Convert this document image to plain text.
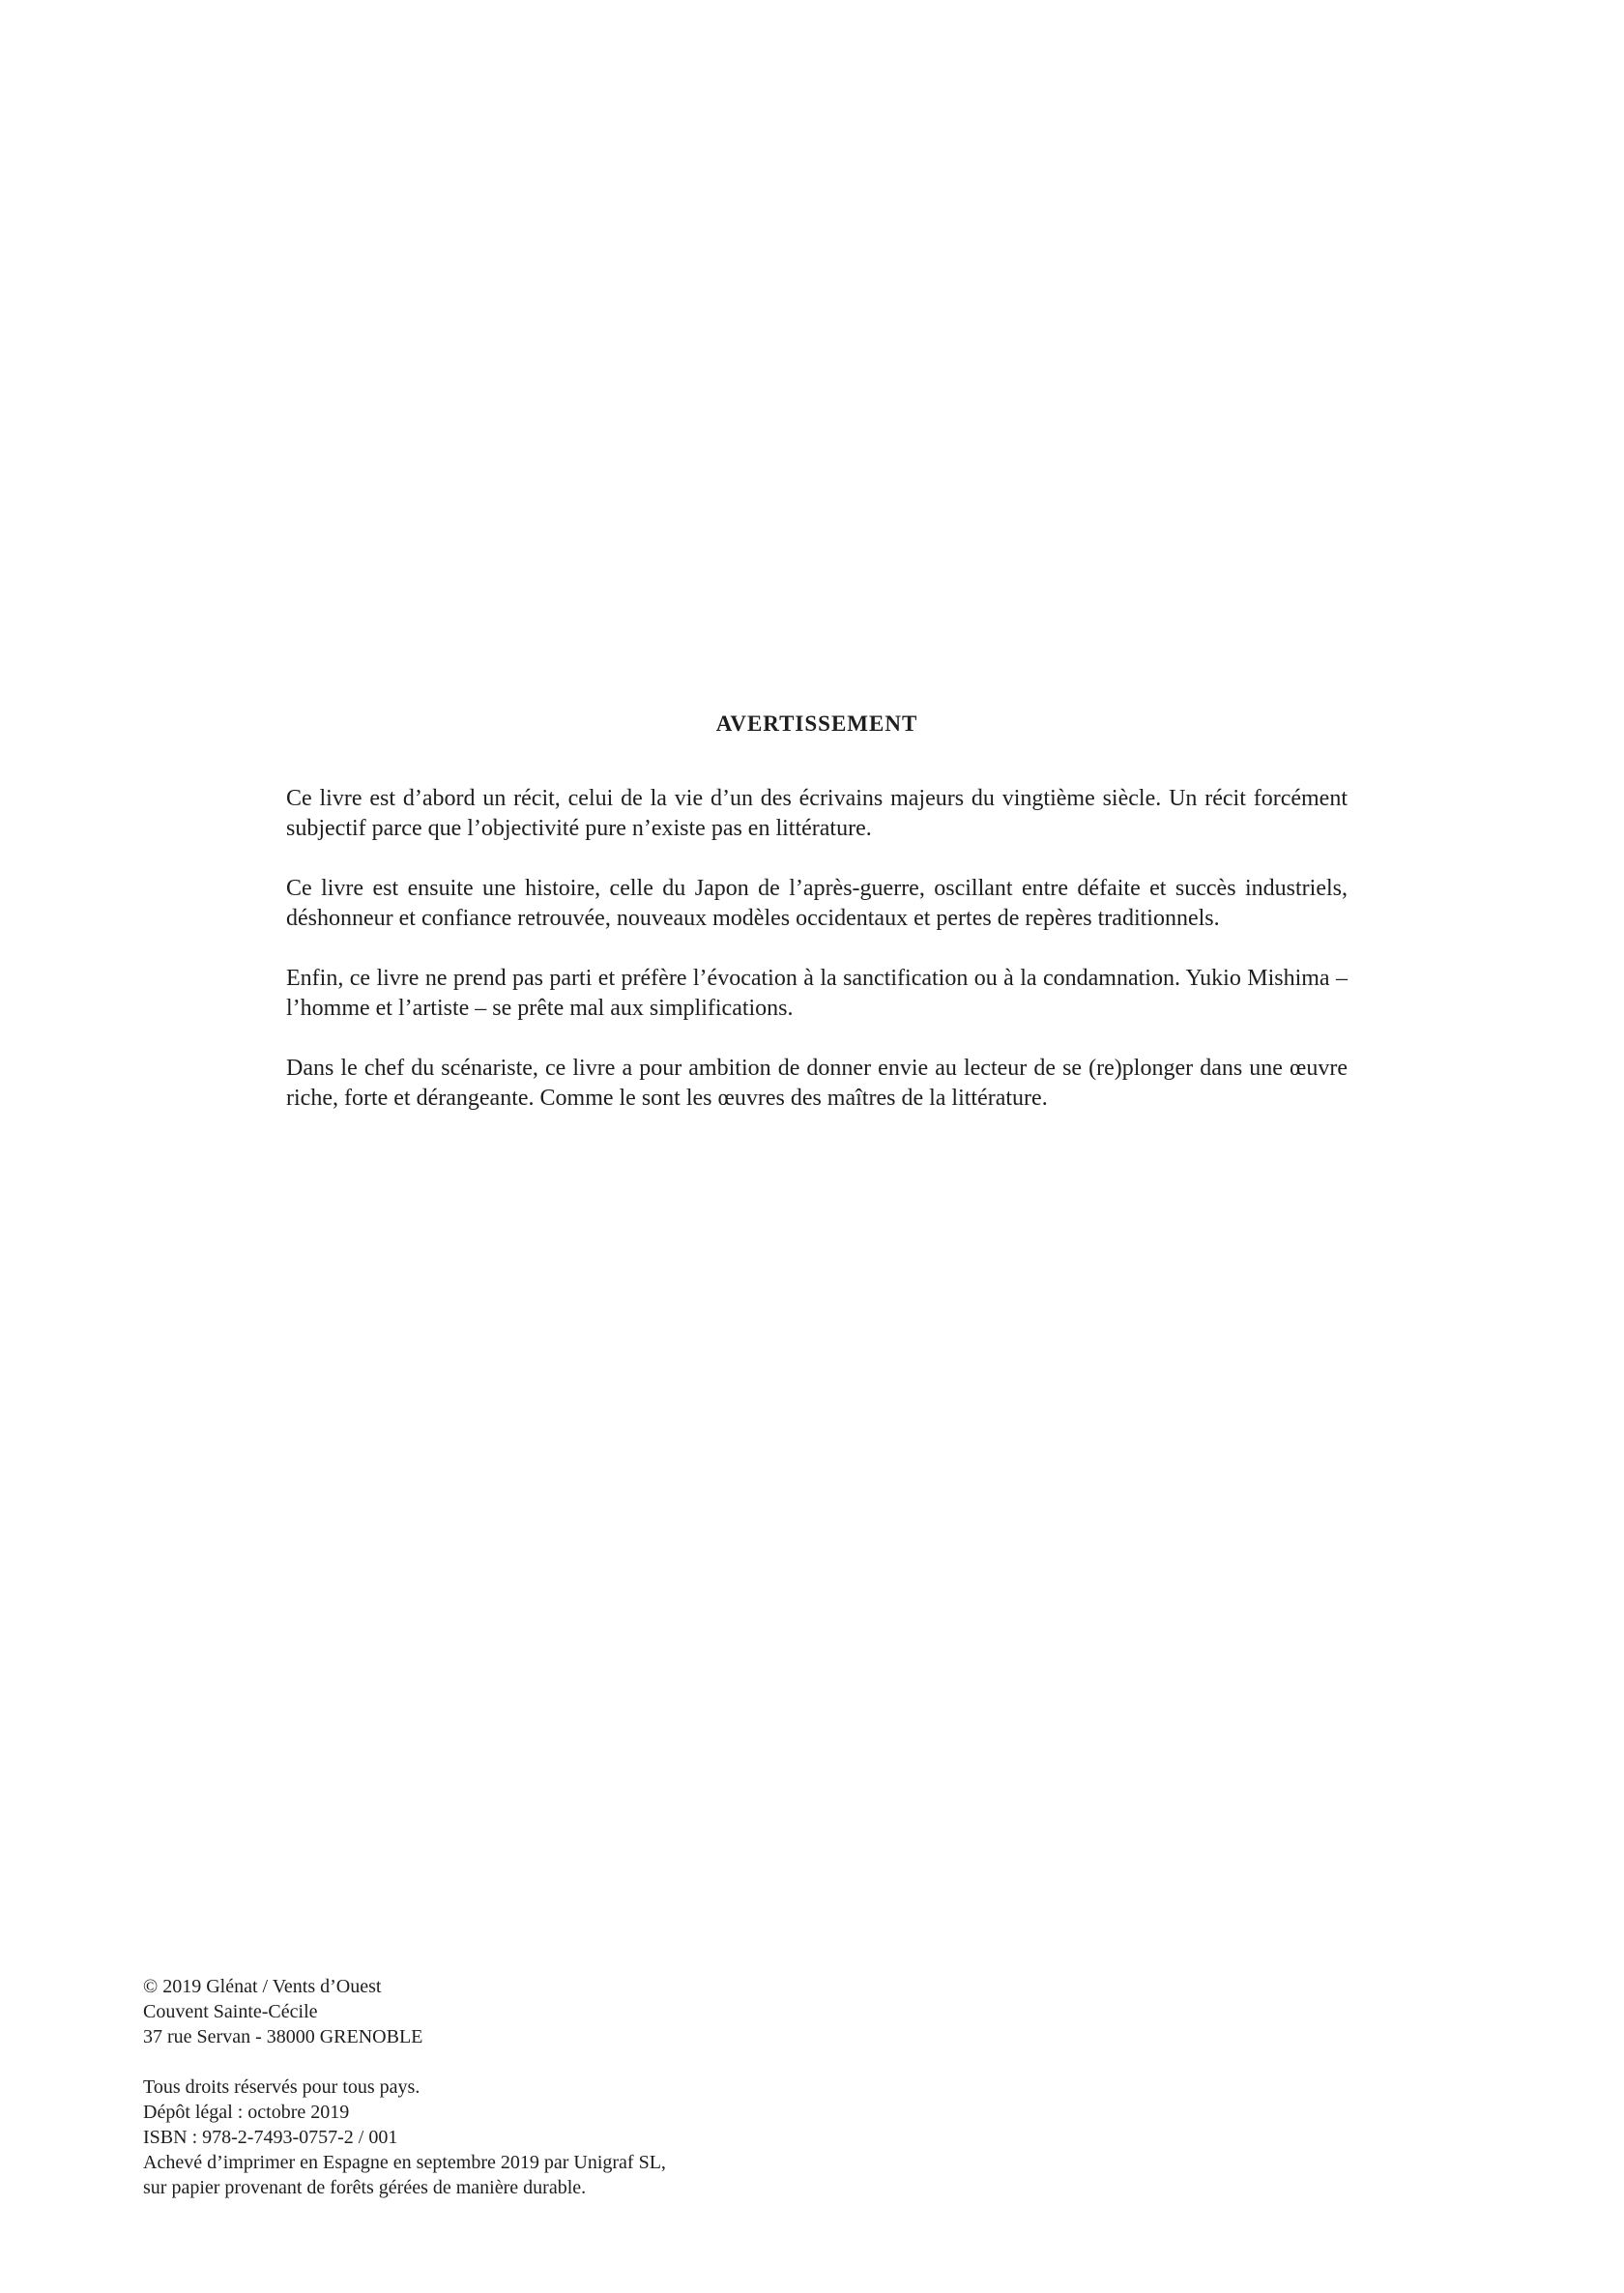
AVERTISSEMENT

Ce livre est d’abord un récit, celui de la vie d’un des écrivains majeurs du vingtième siècle. Un récit forcément subjectif parce que l’objectivité pure n’existe pas en littérature.

Ce livre est ensuite une histoire, celle du Japon de l’après-guerre, oscillant entre défaite et succès industriels, déshonneur et confiance retrouvée, nouveaux modèles occidentaux et pertes de repères traditionnels.

Enfin, ce livre ne prend pas parti et préfère l’évocation à la sanctification ou à la condamnation. Yukio Mishima – l’homme et l’artiste – se prête mal aux simplifications.

Dans le chef du scénariste, ce livre a pour ambition de donner envie au lecteur de se (re)plonger dans une œuvre riche, forte et dérangeante. Comme le sont les œuvres des maîtres de la littérature.

© 2019 Glénat / Vents d’Ouest
Couvent Sainte-Cécile
37 rue Servan - 38000 GRENOBLE
Tous droits réservés pour tous pays.
Dépôt légal : octobre 2019
ISBN : 978-2-7493-0757-2 / 001
Achevé d’imprimer en Espagne en septembre 2019 par Unigraf SL,
sur papier provenant de forêts gérées de manière durable.
